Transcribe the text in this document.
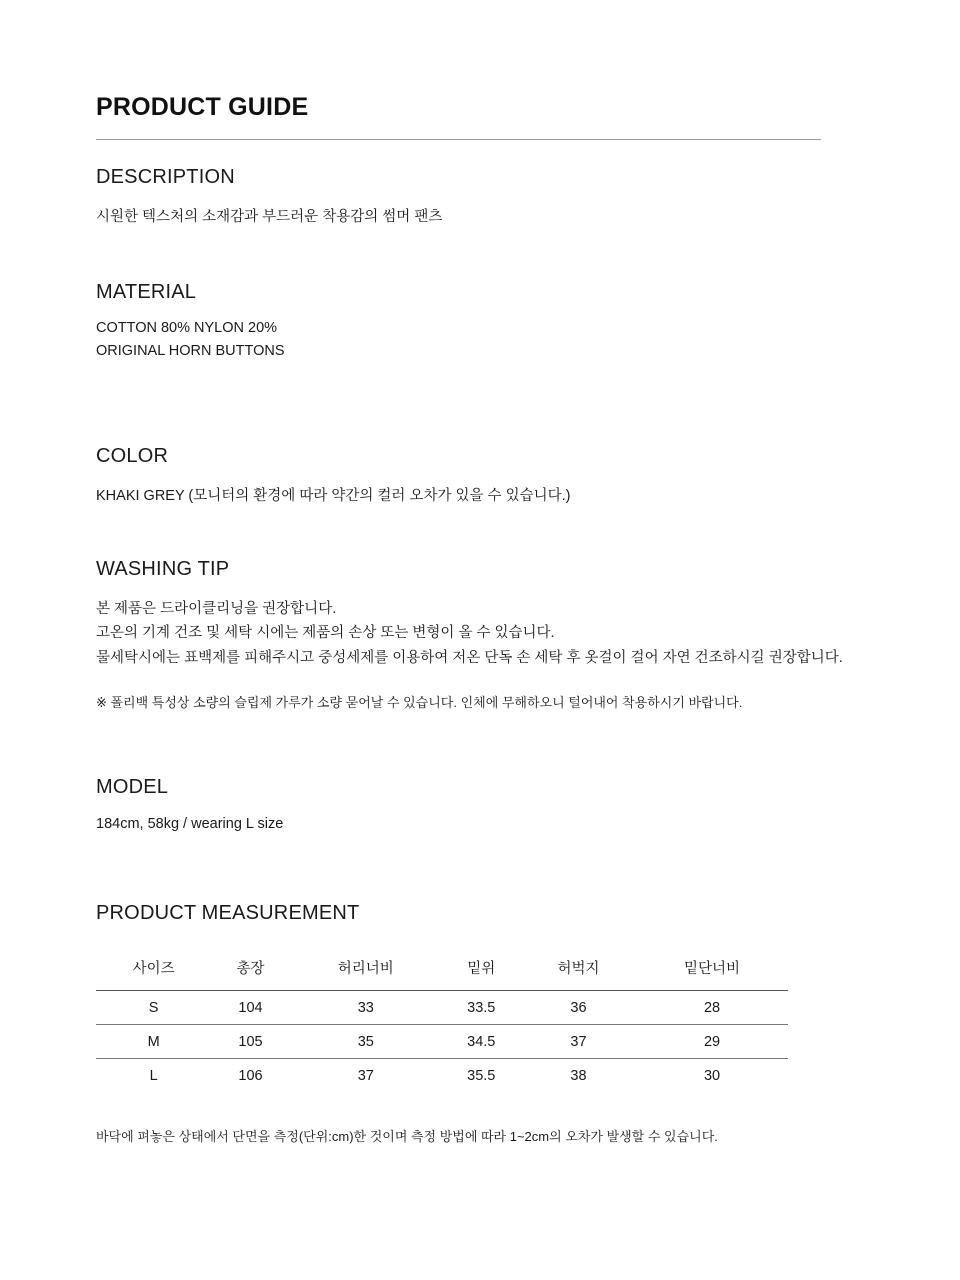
PRODUCT GUIDE
DESCRIPTION
시원한 텍스처의 소재감과 부드러운 착용감의 썸머 팬츠
MATERIAL
COTTON 80% NYLON 20%
ORIGINAL HORN BUTTONS
COLOR
KHAKI GREY (모니터의 환경에 따라 약간의 컬러 오차가 있을 수 있습니다.)
WASHING TIP
본 제품은 드라이클리닝을 권장합니다.
고온의 기계 건조 및 세탁 시에는 제품의 손상 또는 변형이 올 수 있습니다.
물세탁시에는 표백제를 피해주시고 중성세제를 이용하여 저온 단독 손 세탁 후 옷걸이 걸어 자연 건조하시길 권장합니다.
※ 폴리백 특성상 소량의 슬립제 가루가 소량 묻어날 수 있습니다. 인체에 무해하오니 털어내어 착용하시기 바랍니다.
MODEL
184cm, 58kg / wearing L size
PRODUCT MEASUREMENT
사이즈	총장	허리너비	밑위	허벅지	밑단너비
S	104	33	33.5	36	28
M	105	35	34.5	37	29
L	106	37	35.5	38	30
바닥에 펴놓은 상태에서 단면을 측정(단위:cm)한 것이며 측정 방법에 따라 1~2cm의 오차가 발생할 수 있습니다.
